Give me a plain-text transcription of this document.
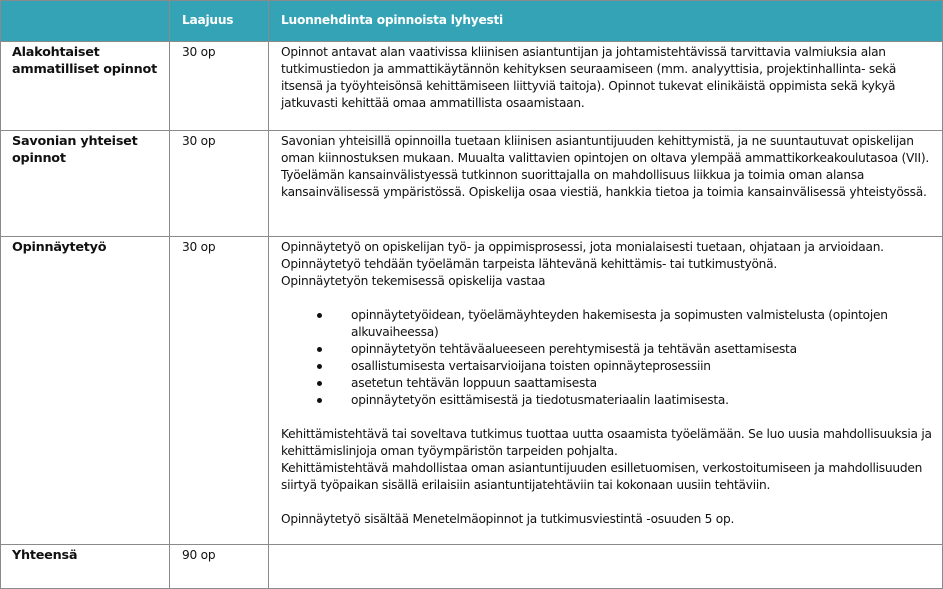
	Laajuus	Luonnehdinta opinnoista lyhyesti
Alakohtaiset ammatilliset opinnot	30 op	Opinnot antavat alan vaativissa kliinisen asiantuntijan ja johtamistehtävissä tarvittavia valmiuksia alan tutkimustiedon ja ammattikäytännön kehityksen seuraamiseen (mm. analyyttisia, projektinhallinta- sekä itsensä ja työyhteisönsä kehittämiseen liittyviä taitoja). Opinnot tukevat elinikäistä oppimista sekä kykyä jatkuvasti kehittää omaa ammatillista osaamistaan.

Savonian yhteiset opinnot	30 op	Savonian yhteisillä opinnoilla tuetaan kliinisen asiantuntijuuden kehittymistä, ja ne suuntautuvat opiskelijan oman kiinnostuksen mukaan. Muualta valittavien opintojen on oltava ylempää ammattikorkeakoulutasoa (VII).

Työelämän kansainvälistyessä tutkinnon suorittajalla on mahdollisuus liikkua ja toimia oman alansa kansainvälisessä ympäristössä. Opiskelija osaa viestiä, hankkia tietoa ja toimia kansainvälisessä yhteistyössä.

Opinnäytetyö	30 op	Opinnäytetyö on opiskelijan työ- ja oppimisprosessi, jota monialaisesti tuetaan, ohjataan ja arvioidaan.

Opinnäytetyö tehdään työelämän tarpeista lähtevänä kehittämis- tai tutkimustyönä.

Opinnäytetyön tekemisessä opiskelija vastaa

opinnäytetyöidean, työelämäyhteyden hakemisesta ja sopimusten valmistelusta (opintojen alkuvaiheessa)
opinnäytetyön tehtäväalueeseen perehtymisestä ja tehtävän asettamisesta
osallistumisesta vertaisarvioijana toisten opinnäyteprosessiin
asetetun tehtävän loppuun saattamisesta
opinnäytetyön esittämisestä ja tiedotusmateriaalin laatimisesta.

Kehittämistehtävä tai soveltava tutkimus tuottaa uutta osaamista työelämään. Se luo uusia mahdollisuuksia ja kehittämislinjoja oman työympäristön tarpeiden pohjalta.

Kehittämistehtävä mahdollistaa oman asiantuntijuuden esilletuomisen, verkostoitumiseen ja mahdollisuuden siirtyä työpaikan sisällä erilaisiin asiantuntijatehtäviin tai kokonaan uusiin tehtäviin.

Opinnäytetyö sisältää Menetelmäopinnot ja tutkimusviestintä -osuuden 5 op.

Yhteensä	90 op	
